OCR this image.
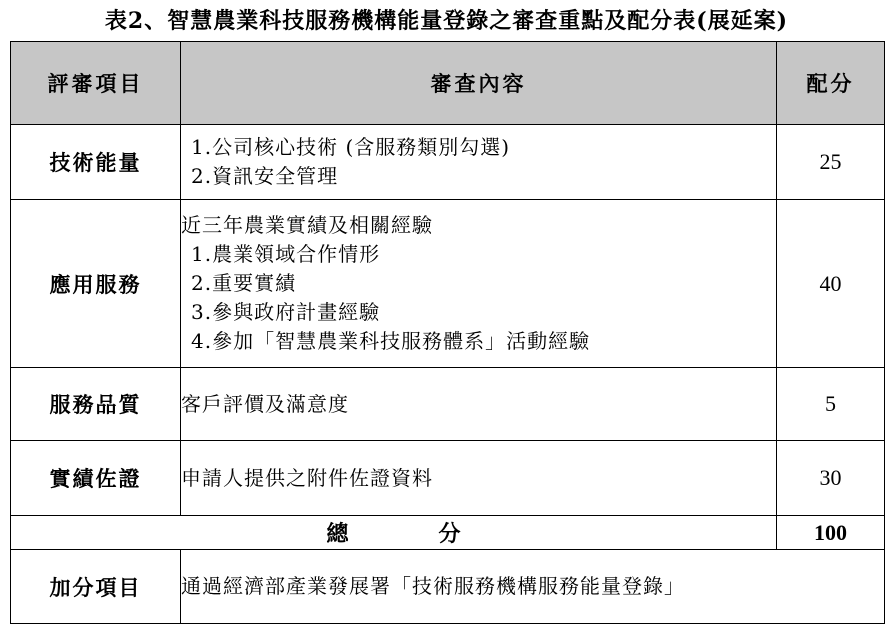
表2、智慧農業科技服務機構能量登錄之審查重點及配分表(展延案)
評審項目	審查內容	配分
技術能量	1.公司核心技術 (含服務類別勾選)
2.資訊安全管理	25
應用服務	近三年農業實績及相關經驗
1.農業領域合作情形
2.重要實績
3.參與政府計畫經驗
4.參加「智慧農業科技服務體系」活動經驗	40
服務品質	客戶評價及滿意度	5
實績佐證	申請人提供之附件佐證資料	30
總 分		100
加分項目	通過經濟部產業發展署「技術服務機構服務能量登錄」	
